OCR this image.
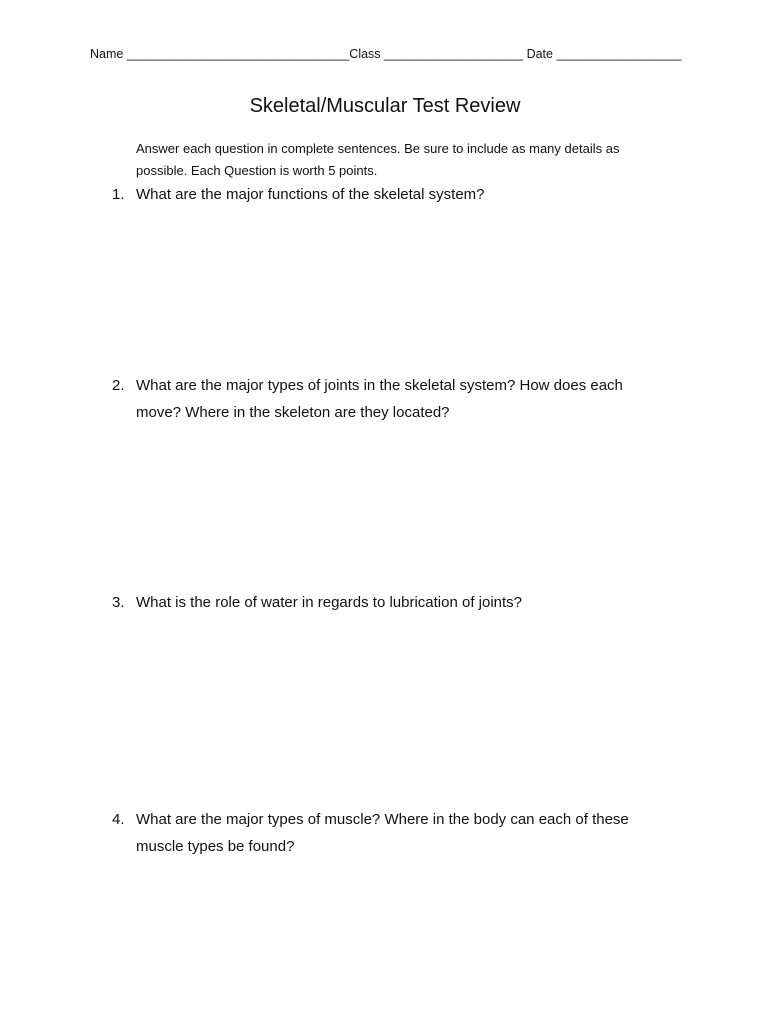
Name ________________________________Class ____________________ Date __________________
Skeletal/Muscular Test Review
Answer each question in complete sentences. Be sure to include as many details as
possible. Each Question is worth 5 points.
1. What are the major functions of the skeletal system?
2. What are the major types of joints in the skeletal system? How does each
move? Where in the skeleton are they located?
3. What is the role of water in regards to lubrication of joints?
4. What are the major types of muscle? Where in the body can each of these
muscle types be found?
